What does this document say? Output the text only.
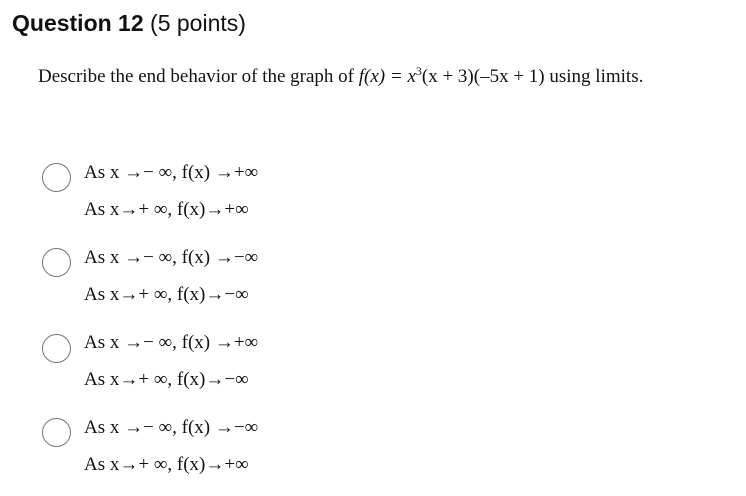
Question 12 (5 points)
Describe the end behavior of the graph of $f(x) = x^3(x + 3)(-5x + 1)$ using limits.
As x →− ∞, f(x) →+∞
As x→+ ∞, f(x)→+∞
As x →− ∞, f(x) →−∞
As x→+ ∞, f(x)→−∞
As x →− ∞, f(x) →+∞
As x→+ ∞, f(x)→−∞
As x →− ∞, f(x) →−∞
As x→+ ∞, f(x)→+∞
